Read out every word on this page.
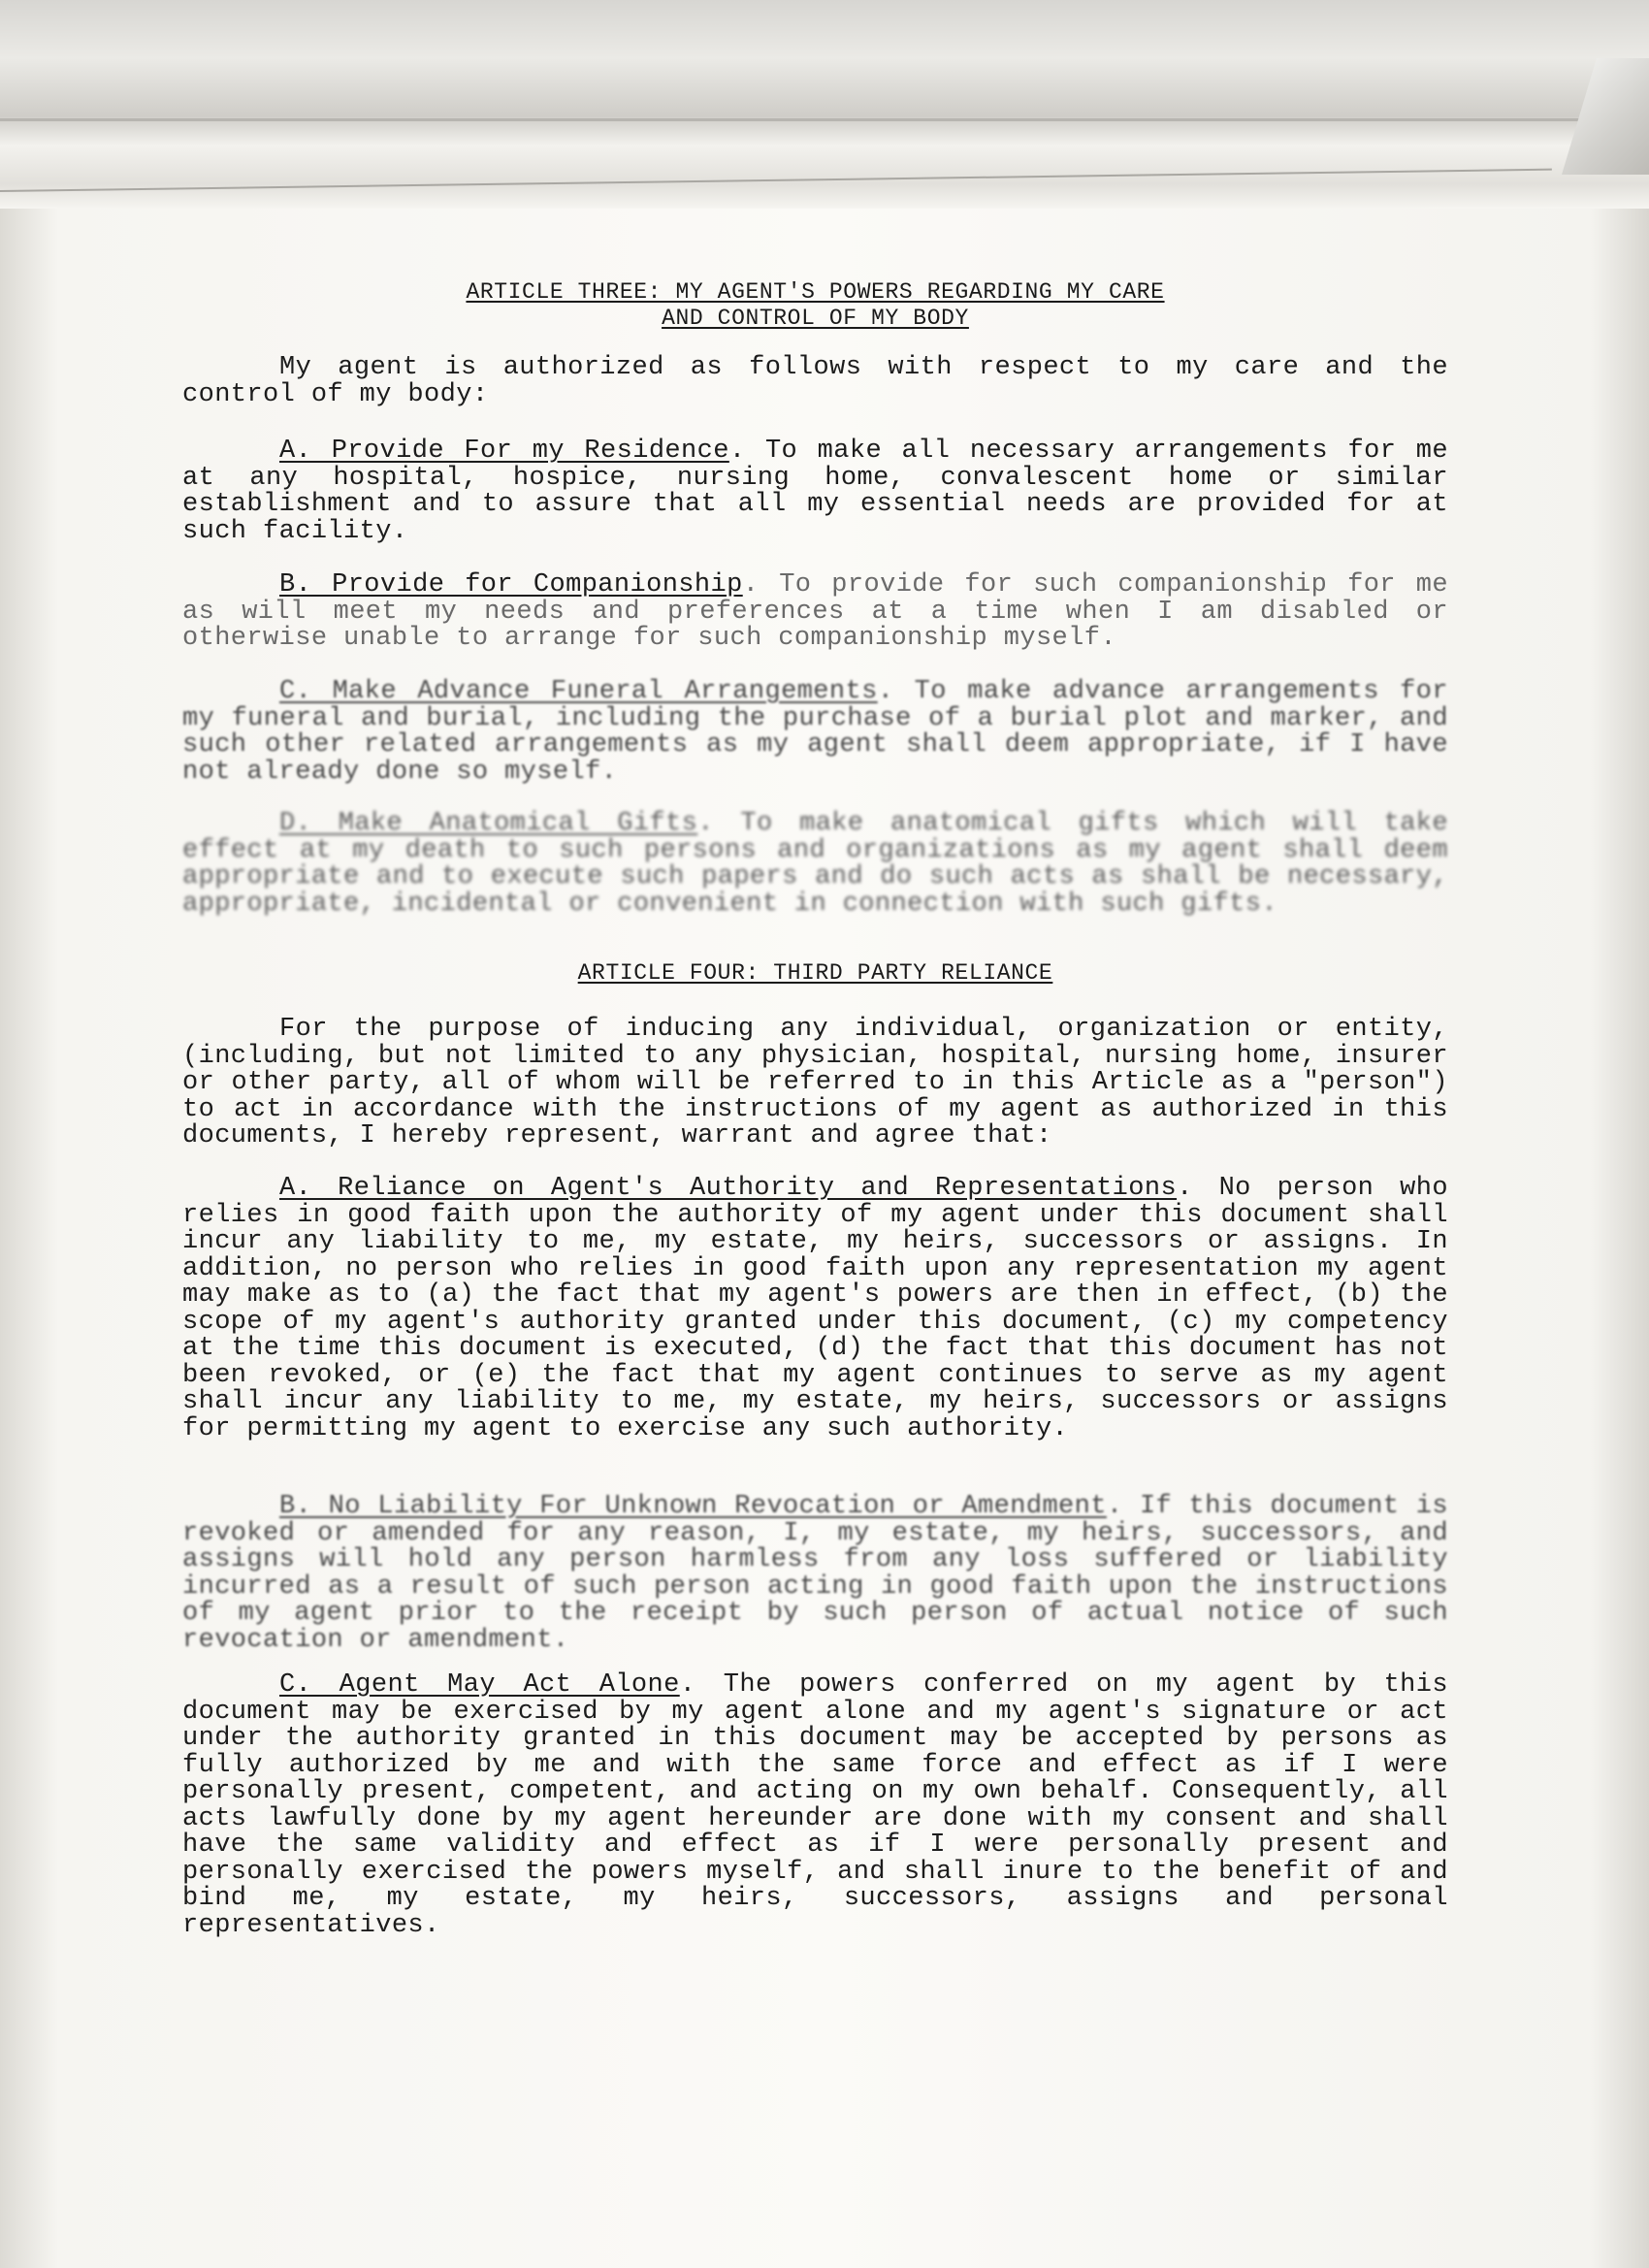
ARTICLE THREE: MY AGENT'S POWERS REGARDING MY CARE
AND CONTROL OF MY BODY
My agent is authorized as follows with respect to my care and the control of my body:
A. Provide For my Residence. To make all necessary arrangements for me at any hospital, hospice, nursing home, convalescent home or similar establishment and to assure that all my essential needs are provided for at such facility.
B. Provide for Companionship. To provide for such companionship for me as will meet my needs and preferences at a time when I am disabled or otherwise unable to arrange for such companionship myself.
C. Make Advance Funeral Arrangements. To make advance arrangements for my funeral and burial, including the purchase of a burial plot and marker, and such other related arrangements as my agent shall deem appropriate, if I have not already done so myself.
D. Make Anatomical Gifts. To make anatomical gifts which will take effect at my death to such persons and organizations as my agent shall deem appropriate and to execute such papers and do such acts as shall be necessary, appropriate, incidental or convenient in connection with such gifts.
ARTICLE FOUR: THIRD PARTY RELIANCE
For the purpose of inducing any individual, organization or entity, (including, but not limited to any physician, hospital, nursing home, insurer or other party, all of whom will be referred to in this Article as a "person") to act in accordance with the instructions of my agent as authorized in this documents, I hereby represent, warrant and agree that:
A. Reliance on Agent's Authority and Representations. No person who relies in good faith upon the authority of my agent under this document shall incur any liability to me, my estate, my heirs, successors or assigns. In addition, no person who relies in good faith upon any representation my agent may make as to (a) the fact that my agent's powers are then in effect, (b) the scope of my agent's authority granted under this document, (c) my competency at the time this document is executed, (d) the fact that this document has not been revoked, or (e) the fact that my agent continues to serve as my agent shall incur any liability to me, my estate, my heirs, successors or assigns for permitting my agent to exercise any such authority.
B. No Liability For Unknown Revocation or Amendment. If this document is revoked or amended for any reason, I, my estate, my heirs, successors, and assigns will hold any person harmless from any loss suffered or liability incurred as a result of such person acting in good faith upon the instructions of my agent prior to the receipt by such person of actual notice of such revocation or amendment.
C. Agent May Act Alone. The powers conferred on my agent by this document may be exercised by my agent alone and my agent's signature or act under the authority granted in this document may be accepted by persons as fully authorized by me and with the same force and effect as if I were personally present, competent, and acting on my own behalf. Consequently, all acts lawfully done by my agent hereunder are done with my consent and shall have the same validity and effect as if I were personally present and personally exercised the powers myself, and shall inure to the benefit of and bind me, my estate, my heirs, successors, assigns and personal representatives.
